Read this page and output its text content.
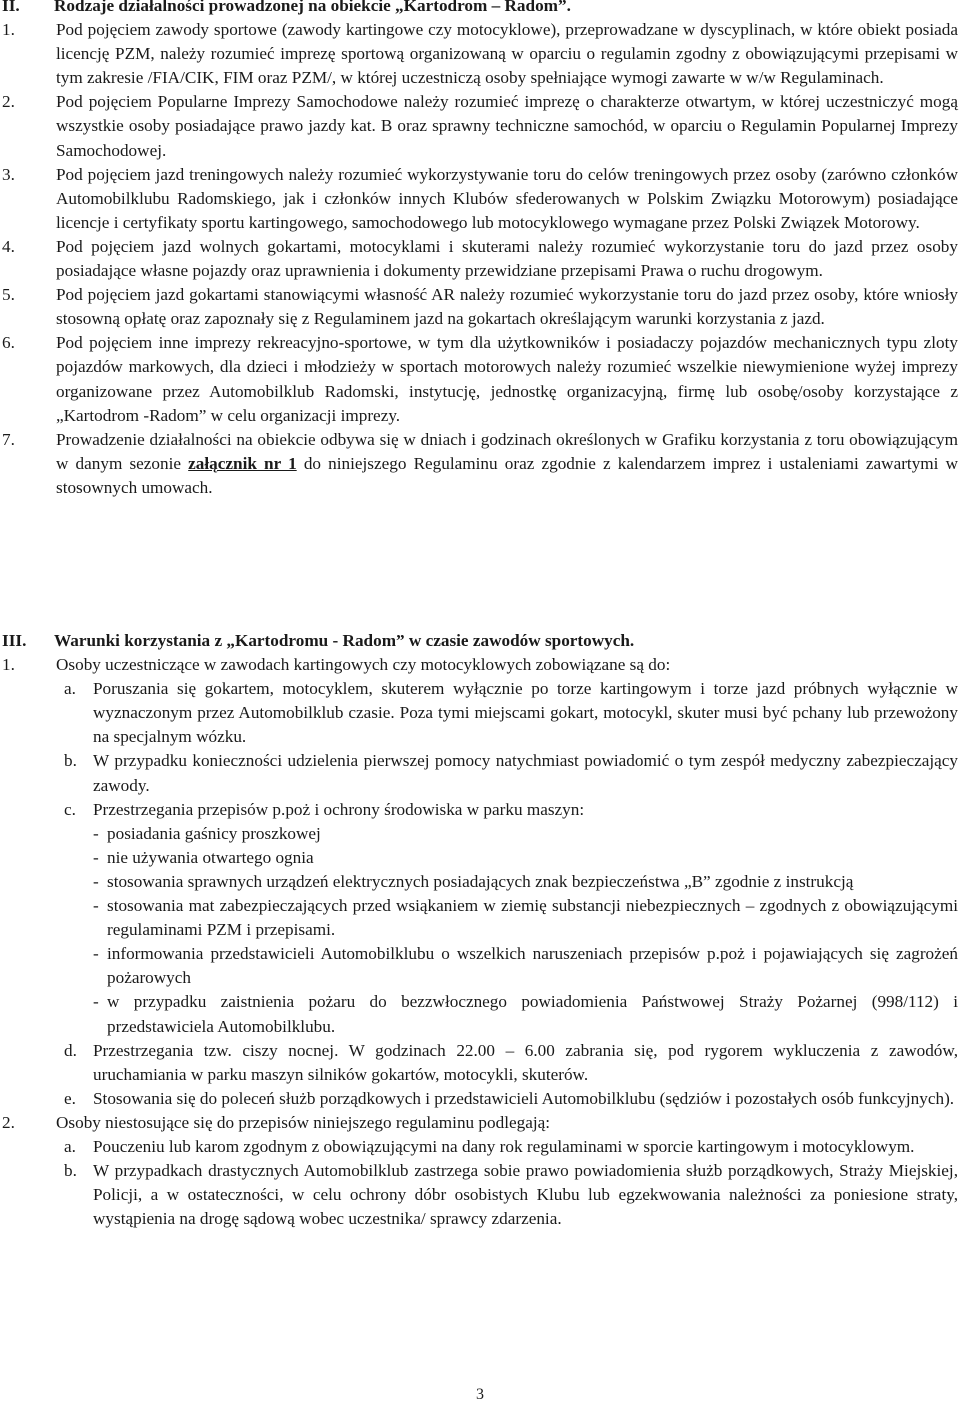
II.	Rodzaje działalności prowadzonej na obiekcie „Kartodrom – Radom”.
1.	Pod pojęciem zawody sportowe (zawody kartingowe czy motocyklowe), przeprowadzane w dyscyplinach, w które obiekt posiada licencję PZM, należy rozumieć imprezę sportową organizowaną w oparciu o regulamin zgodny z obowiązującymi przepisami w tym zakresie /FIA/CIK, FIM oraz PZM/, w której uczestniczą osoby spełniające wymogi zawarte w w/w Regulaminach.
2.	Pod pojęciem Popularne Imprezy Samochodowe należy rozumieć imprezę o charakterze otwartym, w której uczestniczyć mogą wszystkie osoby posiadające prawo jazdy kat. B oraz sprawny techniczne samochód, w oparciu o Regulamin Popularnej Imprezy Samochodowej.
3.	Pod pojęciem jazd treningowych należy rozumieć wykorzystywanie toru do celów treningowych przez osoby (zarówno członków Automobilklubu Radomskiego, jak i członków innych Klubów sfederowanych w Polskim Związku Motorowym) posiadające licencje i certyfikaty sportu kartingowego, samochodowego lub motocyklowego wymagane przez Polski Związek Motorowy.
4.	Pod pojęciem jazd wolnych gokartami, motocyklami i skuterami należy rozumieć wykorzystanie toru do jazd przez osoby posiadające własne pojazdy oraz uprawnienia i dokumenty przewidziane przepisami Prawa o ruchu drogowym.
5.	Pod pojęciem jazd gokartami stanowiącymi własność AR należy rozumieć wykorzystanie toru do jazd przez osoby, które wniosły stosowną opłatę oraz zapoznały się z Regulaminem jazd na gokartach określającym warunki korzystania z jazd.
6.	Pod pojęciem inne imprezy rekreacyjno-sportowe, w tym dla użytkowników i posiadaczy pojazdów mechanicznych typu zloty pojazdów markowych, dla dzieci i młodzieży w sportach motorowych należy rozumieć wszelkie niewymienione wyżej imprezy organizowane przez Automobilklub Radomski, instytucję, jednostkę organizacyjną, firmę lub osobę/osoby korzystające z „Kartodrom -Radom” w celu organizacji imprezy.
7.	Prowadzenie działalności na obiekcie odbywa się w dniach i godzinach określonych w Grafiku korzystania z toru obowiązującym w danym sezonie załącznik nr 1 do niniejszego Regulaminu oraz zgodnie z kalendarzem imprez i ustaleniami zawartymi w stosownych umowach.
III.	Warunki korzystania z „Kartodromu - Radom” w czasie zawodów sportowych.
1.	Osoby uczestniczące w zawodach kartingowych czy motocyklowych zobowiązane są do:
a. Poruszania się gokartem, motocyklem, skuterem wyłącznie po torze kartingowym i torze jazd próbnych wyłącznie w wyznaczonym przez Automobilklub czasie. Poza tymi miejscami gokart, motocykl, skuter musi być pchany lub przewożony na specjalnym wózku.
b. W przypadku konieczności udzielenia pierwszej pomocy natychmiast powiadomić o tym zespół medyczny zabezpieczający zawody.
c. Przestrzegania przepisów p.poż i ochrony środowiska w parku maszyn:
- posiadania gaśnicy proszkowej
- nie używania otwartego ognia
- stosowania sprawnych urządzeń elektrycznych posiadających znak bezpieczeństwa „B” zgodnie z instrukcją
- stosowania mat zabezpieczających przed wsiąkaniem w ziemię substancji niebezpiecznych – zgodnych z obowiązującymi regulaminami PZM i przepisami.
- informowania przedstawicieli Automobilklubu o wszelkich naruszeniach przepisów p.poż i pojawiających się zagrożeń pożarowych
- w przypadku zaistnienia pożaru do bezzwłocznego powiadomienia Państwowej Straży Pożarnej (998/112) i przedstawiciela Automobilklubu.
d. Przestrzegania tzw. ciszy nocnej. W godzinach 22.00 – 6.00 zabrania się, pod rygorem wykluczenia z zawodów, uruchamiania w parku maszyn silników gokartów, motocykli, skuterów.
e. Stosowania się do poleceń służb porządkowych i przedstawicieli Automobilklubu (sędziów i pozostałych osób funkcyjnych).
2.	Osoby niestosujące się do przepisów niniejszego regulaminu podlegają:
a. Pouczeniu lub karom zgodnym z obowiązującymi na dany rok regulaminami w sporcie kartingowym i motocyklowym.
b. W przypadkach drastycznych Automobilklub zastrzega sobie prawo powiadomienia służb porządkowych, Straży Miejskiej, Policji, a w ostateczności, w celu ochrony dóbr osobistych Klubu lub egzekwowania należności za poniesione straty, wystąpienia na drogę sądową wobec uczestnika/ sprawcy zdarzenia.
3
